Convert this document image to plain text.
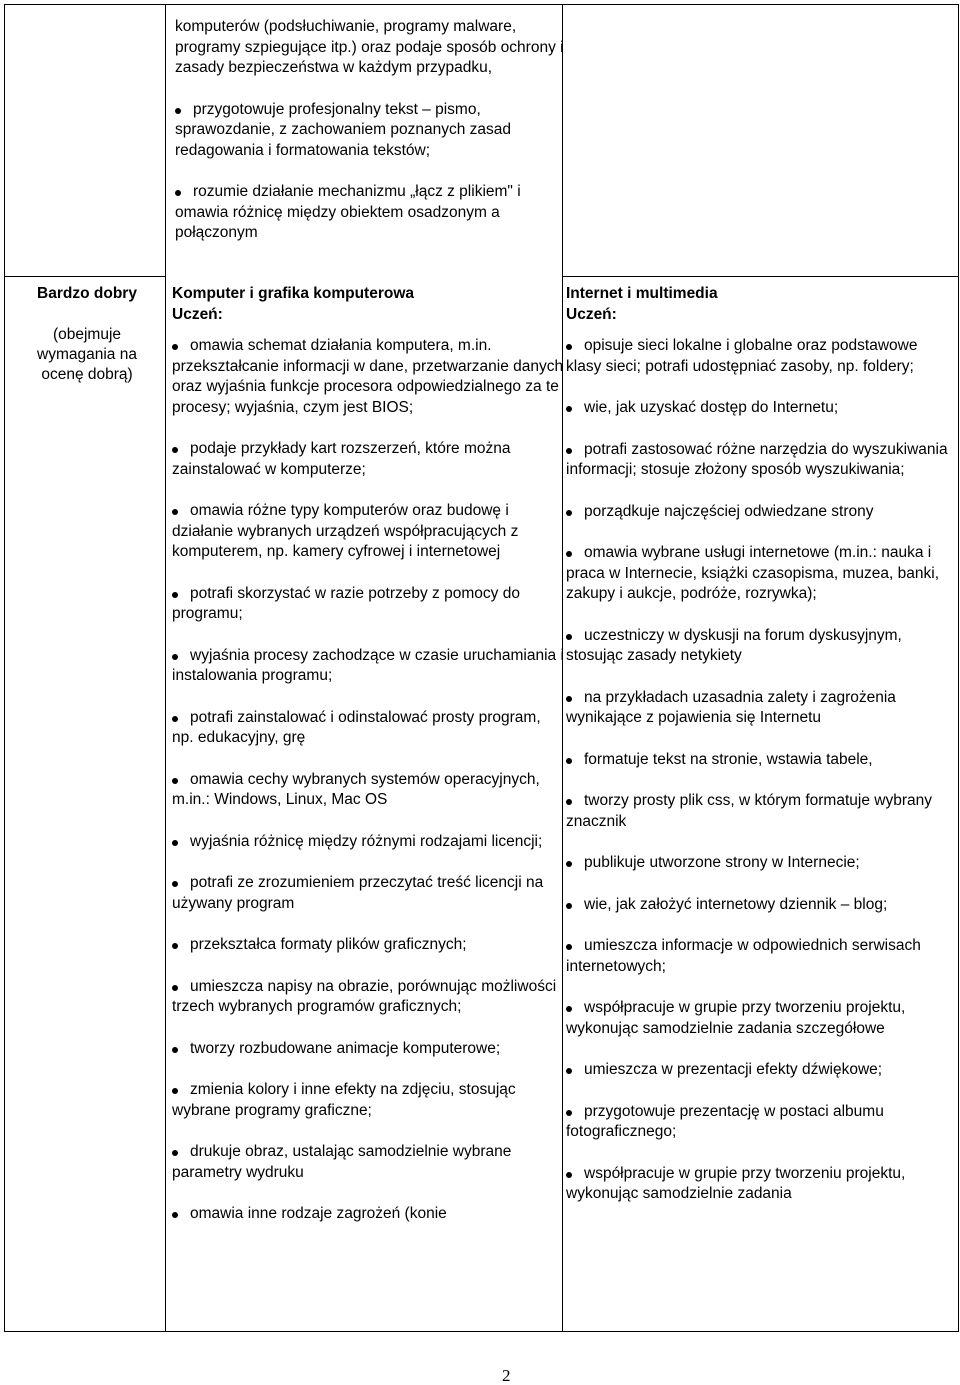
komputerów (podsłuchiwanie, programy malware, programy szpiegujące itp.) oraz podaje sposób ochrony i zasady bezpieczeństwa w każdym przypadku,
przygotowuje profesjonalny tekst – pismo, sprawozdanie, z zachowaniem poznanych zasad redagowania i formatowania tekstów;
rozumie działanie mechanizmu „łącz z plikiem" i omawia różnicę między obiektem osadzonym a połączonym
Bardzo dobry
(obejmuje wymagania na ocenę dobrą)
Komputer i grafika komputerowa
Uczeń:
omawia schemat działania komputera, m.in. przekształcanie informacji w dane, przetwarzanie danych oraz wyjaśnia funkcje procesora odpowiedzialnego za te procesy; wyjaśnia, czym jest BIOS;
podaje przykłady kart rozszerzeń, które można zainstalować w komputerze;
omawia różne typy komputerów oraz budowę i działanie wybranych urządzeń współpracujących z komputerem, np. kamery cyfrowej i internetowej
potrafi skorzystać w razie potrzeby z pomocy do programu;
wyjaśnia procesy zachodzące w czasie uruchamiania i instalowania programu;
potrafi zainstalować i odinstalować prosty program, np. edukacyjny, grę
omawia cechy wybranych systemów operacyjnych, m.in.: Windows, Linux, Mac OS
wyjaśnia różnicę między różnymi rodzajami licencji;
potrafi ze zrozumieniem przeczytać treść licencji na używany program
przekształca formaty plików graficznych;
umieszcza napisy na obrazie, porównując możliwości trzech wybranych programów graficznych;
tworzy rozbudowane animacje komputerowe;
zmienia kolory i inne efekty na zdjęciu, stosując wybrane programy graficzne;
drukuje obraz, ustalając samodzielnie wybrane parametry wydruku
omawia inne rodzaje zagrożeń (konie
Internet i multimedia
Uczeń:
opisuje sieci lokalne i globalne oraz podstawowe klasy sieci; potrafi udostępniać zasoby, np. foldery;
wie, jak uzyskać dostęp do Internetu;
potrafi zastosować różne narzędzia do wyszukiwania informacji; stosuje złożony sposób wyszukiwania;
porządkuje najczęściej odwiedzane strony
omawia wybrane usługi internetowe (m.in.: nauka i praca w Internecie, książki czasopisma, muzea, banki, zakupy i aukcje, podróże, rozrywka);
uczestniczy w dyskusji na forum dyskusyjnym, stosując zasady netykiety
na przykładach uzasadnia zalety i zagrożenia wynikające z pojawienia się Internetu
formatuje tekst na stronie, wstawia tabele,
tworzy prosty plik css, w którym formatuje wybrany znacznik
publikuje utworzone strony w Internecie;
wie, jak założyć internetowy dziennik – blog;
umieszcza informacje w odpowiednich serwisach internetowych;
współpracuje w grupie przy tworzeniu projektu, wykonując samodzielnie zadania szczegółowe
umieszcza w prezentacji efekty dźwiękowe;
przygotowuje prezentację w postaci albumu fotograficznego;
współpracuje w grupie przy tworzeniu projektu, wykonując samodzielnie zadania
2
